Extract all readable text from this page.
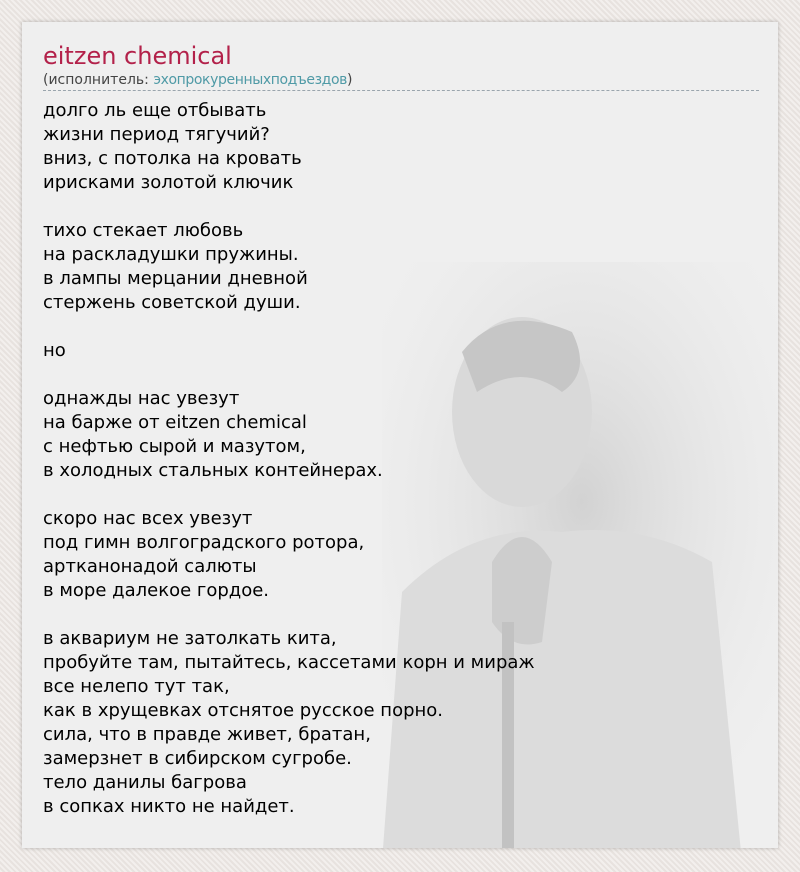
eitzen chemical
(исполнитель: эхопрокуренныхподъездов)
долго ль еще отбывать
жизни период тягучий?
вниз, с потолка на кровать
ирисками золотой ключик
тихо стекает любовь
на раскладушки пружины.
в лампы мерцании дневной
стержень советской души.
но
однажды нас увезут
на барже от eitzen chemical
с нефтью сырой и мазутом,
в холодных стальных контейнерах.
скоро нас всех увезут
под гимн волгоградского ротора,
артканонадой салюты
в море далекое гордое.
в аквариум не затолкать кита,
пробуйте там, пытайтесь, кассетами корн и мираж
все нелепо тут так,
как в хрущевках отснятое русское порно.
сила, что в правде живет, братан,
замерзнет в сибирском сугробе.
тело данилы багрова
в сопках никто не найдет.
